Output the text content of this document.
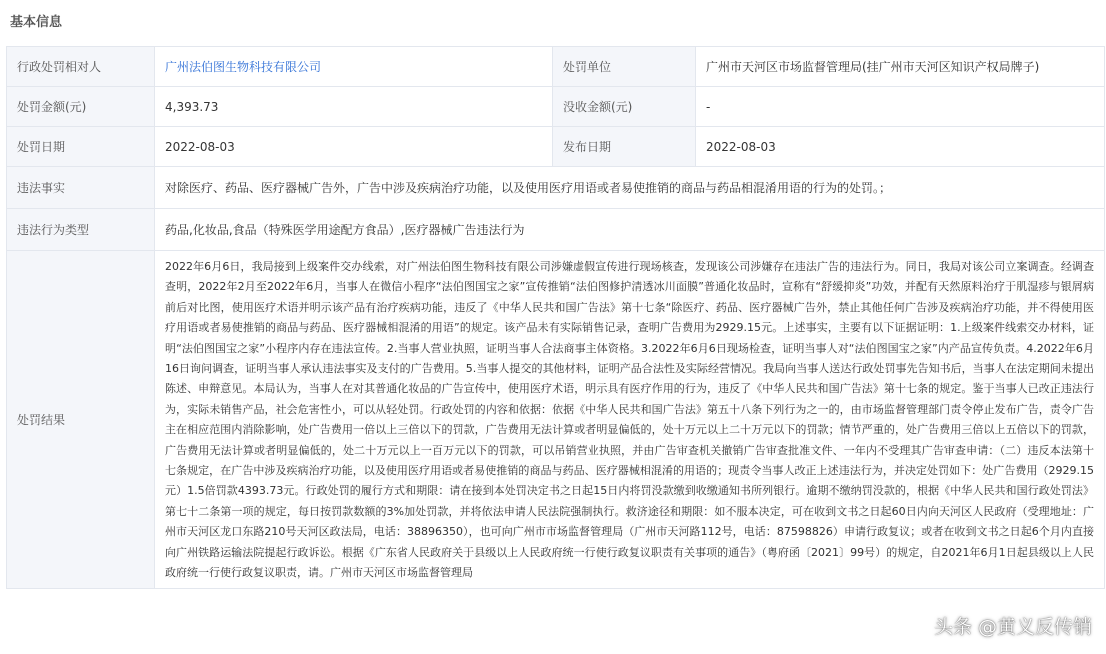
基本信息
行政处罚相对人	广州法伯图生物科技有限公司	处罚单位	广州市天河区市场监督管理局(挂广州市天河区知识产权局牌子)
处罚金额(元)	4,393.73	没收金额(元)	-
处罚日期	2022-08-03	发布日期	2022-08-03
违法事实	对除医疗、药品、医疗器械广告外，广告中涉及疾病治疗功能，以及使用医疗用语或者易使推销的商品与药品相混淆用语的行为的处罚。；		
违法行为类型	药品,化妆品,食品（特殊医学用途配方食品）,医疗器械广告违法行为		
处罚结果	2022年6月6日，我局接到上级案件交办线索，对广州法伯图生物科技有限公司涉嫌虚假宣传进行现场核查，发现该公司涉嫌存在违法广告的违法行为。同日，我局对该公司立案调查。经调查查明，2022年2月至2022年6月，当事人在微信小程序“法伯图国宝之家”宣传推销“法伯图修护清透冰川面膜”普通化妆品时，宣称有“舒缓抑炎”功效，并配有天然原料治疗于肌湿疹与银屑病前后对比图，使用医疗术语并明示该产品有治疗疾病功能，违反了《中华人民共和国广告法》第十七条“除医疗、药品、医疗器械广告外，禁止其他任何广告涉及疾病治疗功能，并不得使用医疗用语或者易使推销的商品与药品、医疗器械相混淆的用语”的规定。该产品未有实际销售记录，查明广告费用为2929.15元。上述事实，主要有以下证据证明：1.上级案件线索交办材料，证明“法伯图国宝之家”小程序内存在违法宣传。2.当事人营业执照，证明当事人合法商事主体资格。3.2022年6月6日现场检查，证明当事人对“法伯图国宝之家”内产品宣传负责。4.2022年6月16日询问调查，证明当事人承认违法事实及支付的广告费用。5.当事人提交的其他材料，证明产品合法性及实际经营情况。我局向当事人送达行政处罚事先告知书后，当事人在法定期间未提出陈述、申辩意见。本局认为，当事人在对其普通化妆品的广告宣传中，使用医疗术语，明示具有医疗作用的行为，违反了《中华人民共和国广告法》第十七条的规定。鉴于当事人已改正违法行为，实际未销售产品，社会危害性小，可以从轻处罚。行政处罚的内容和依据：依据《中华人民共和国广告法》第五十八条下列行为之一的，由市场监督管理部门责令停止发布广告，责令广告主在相应范围内消除影响，处广告费用一倍以上三倍以下的罚款，广告费用无法计算或者明显偏低的，处十万元以上二十万元以下的罚款；情节严重的，处广告费用三倍以上五倍以下的罚款，广告费用无法计算或者明显偏低的，处二十万元以上一百万元以下的罚款，可以吊销营业执照，并由广告审查机关撤销广告审查批准文件、一年内不受理其广告审查申请：（二）违反本法第十七条规定，在广告中涉及疾病治疗功能，以及使用医疗用语或者易使推销的商品与药品、医疗器械相混淆的用语的；现责令当事人改正上述违法行为，并决定处罚如下：处广告费用（2929.15元）1.5倍罚款4393.73元。行政处罚的履行方式和期限：请在接到本处罚决定书之日起15日内将罚没款缴到收缴通知书所列银行。逾期不缴纳罚没款的，根据《中华人民共和国行政处罚法》第七十二条第一项的规定，每日按罚款数额的3%加处罚款，并将依法申请人民法院强制执行。救济途径和期限：如不服本决定，可在收到文书之日起60日内向天河区人民政府（受理地址：广州市天河区龙口东路210号天河区政法局，电话：38896350），也可向广州市市场监督管理局（广州市天河路112号，电话：87598826）申请行政复议；或者在收到文书之日起6个月内直接向广州铁路运输法院提起行政诉讼。根据《广东省人民政府关于县级以上人民政府统一行使行政复议职责有关事项的通告》（粤府函〔2021〕99号）的规定，自2021年6月1日起县级以上人民政府统一行使行政复议职责，请。广州市天河区市场监督管理局		
头条 @黄义反传销
